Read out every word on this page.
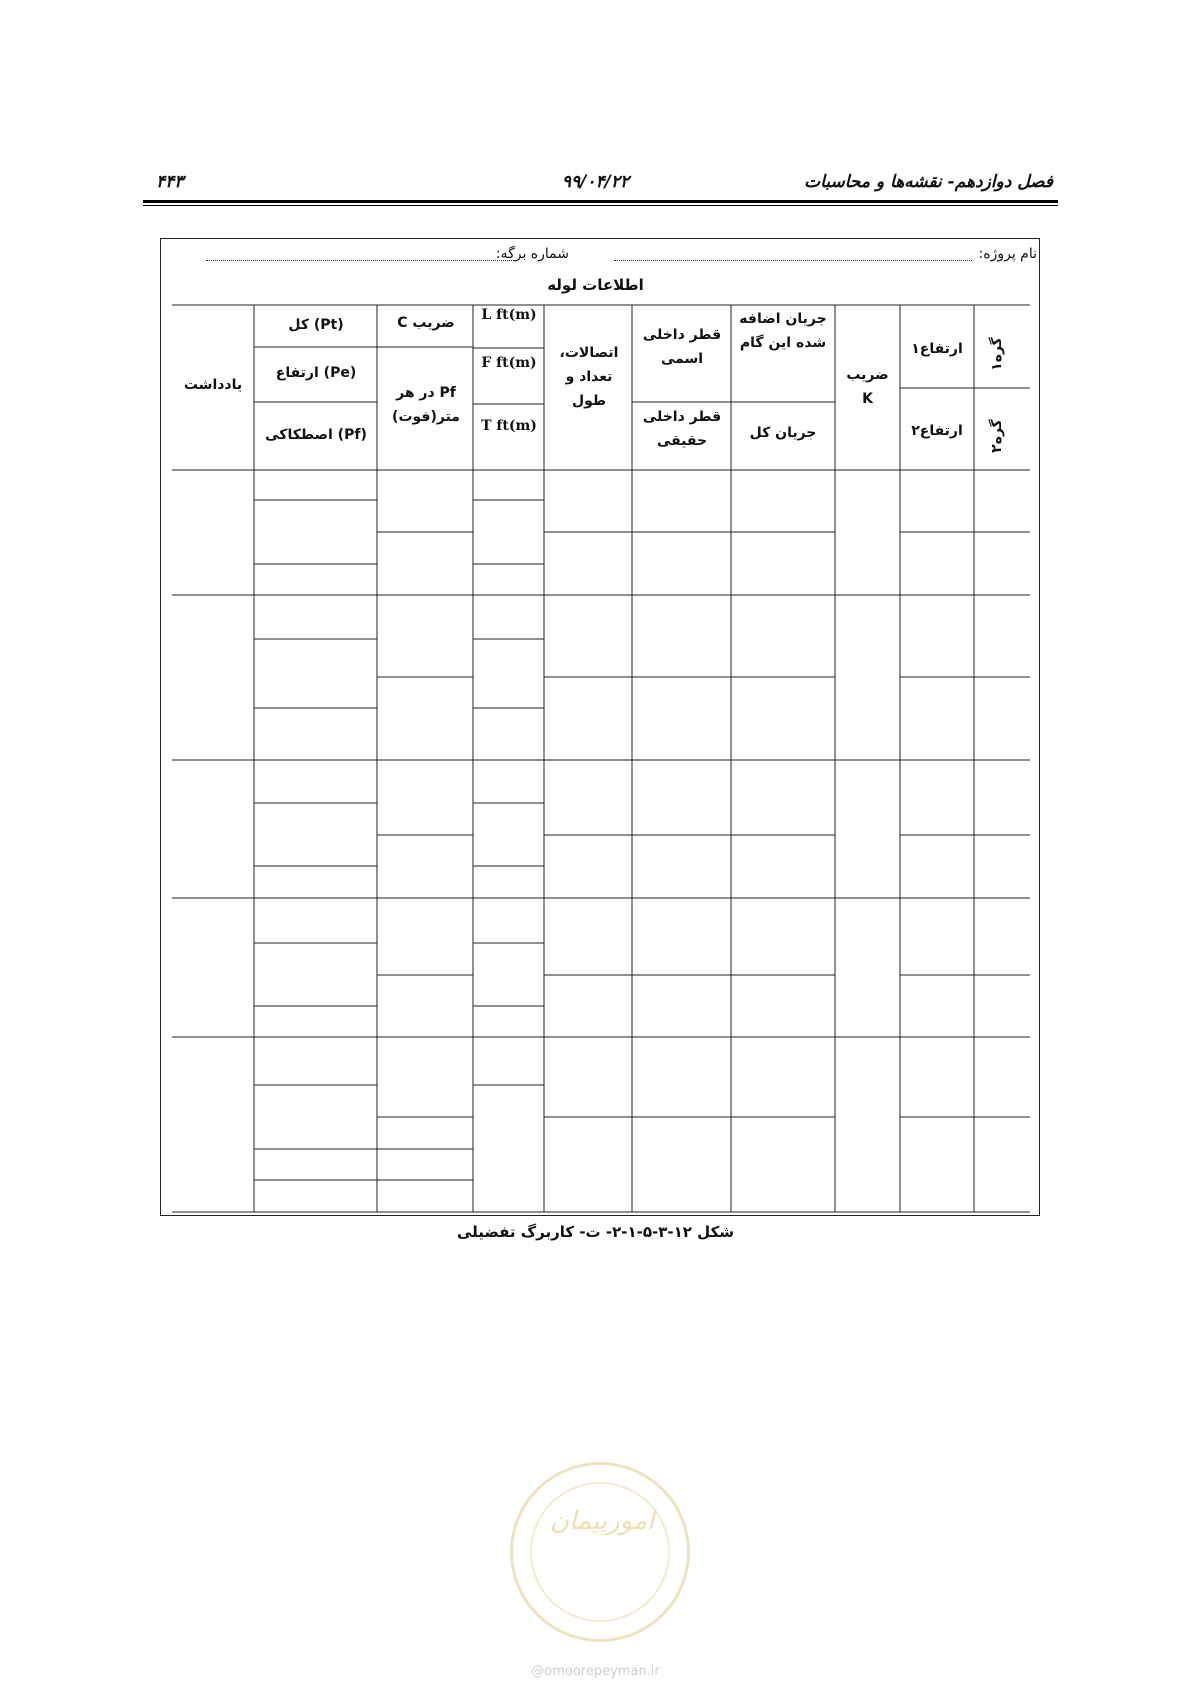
۴۴۳	۹۹/۰۴/۲۲	فصل دوازدهم- نقشه‌ها و محاسبات
نام پروژه:
شماره برگه:
اطلاعات لوله
گره۱
گره۲
ارتفاع۱
ارتفاع۲
ضریب K
جریان اضافه شده این گام
جریان کل
قطر داخلی اسمی
قطر داخلی حقیقی
اتصالات، تعداد و طول
L ft(m)
F ft(m)
T ft(m)
ضریب C
Pf در هر متر(فوت)
(Pt) کل
(Pe) ارتفاع
(Pf) اصطکاکی
یادداشت
شکل ۱۲-۳-۵-۱-۲- ت- کاربرگ تفضیلی
امورپیمان
@omoorepeyman.ir
